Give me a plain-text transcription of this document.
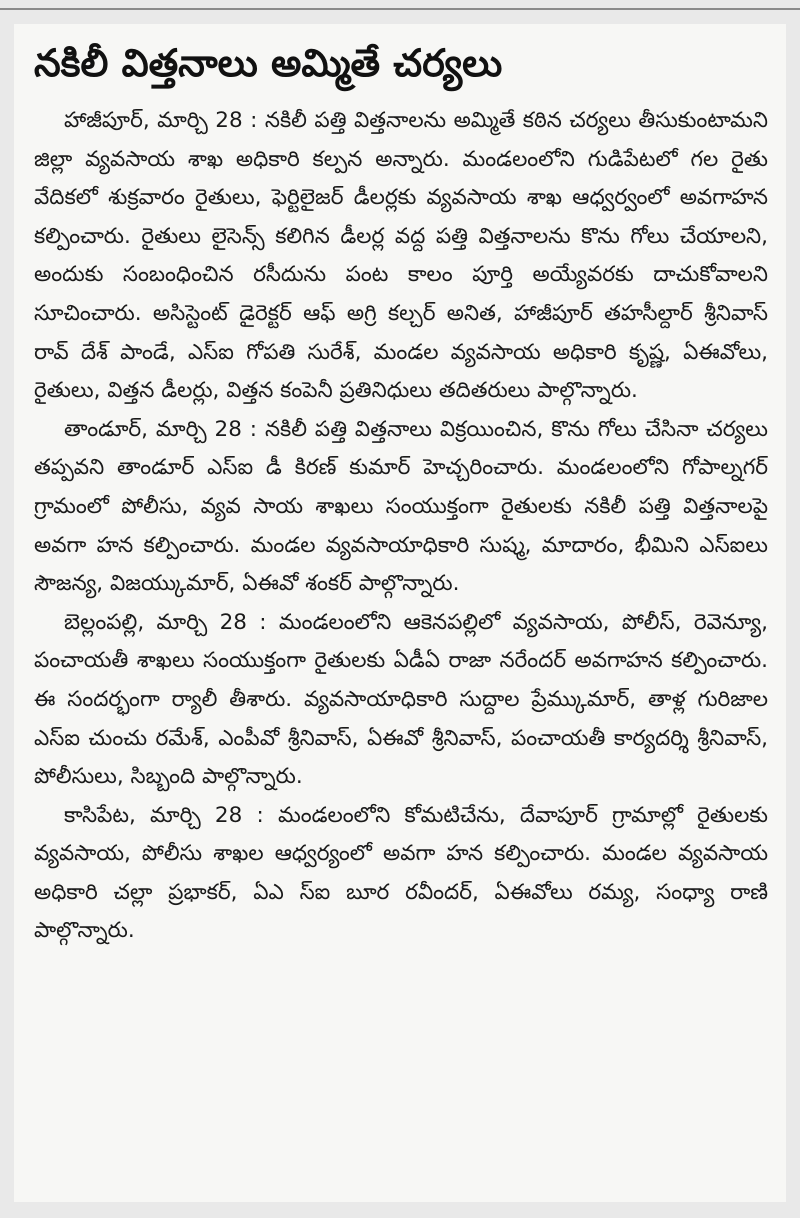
నకిలీ విత్తనాలు అమ్మితే చర్యలు

హాజీపూర్, మార్చి 28 : నకిలీ పత్తి విత్తనాలను అమ్మితే కఠిన చర్యలు తీసుకుంటామని జిల్లా వ్యవసాయ శాఖ అధికారి కల్పన అన్నారు. మండలంలోని గుడిపేటలో గల రైతు వేదికలో శుక్రవారం రైతులు, ఫెర్టిలైజర్ డీలర్లకు వ్యవసాయ శాఖ ఆధ్వర్వంలో అవగాహన కల్పించారు. రైతులు లైసెన్స్ కలిగిన డీలర్ల వద్ద పత్తి విత్తనాలను కొను గోలు చేయాలని, అందుకు సంబంధించిన రసీదును పంట కాలం పూర్తి అయ్యేవరకు దాచుకోవాలని సూచించారు. అసిస్టెంట్ డైరెక్టర్ ఆఫ్ అగ్రి కల్చర్ అనిత, హాజీపూర్ తహసీల్దార్ శ్రీనివాస్ రావ్ దేశ్ పాండే, ఎస్ఐ గోపతి సురేశ్, మండల వ్యవసాయ అధికారి కృష్ణ, ఏఈవోలు, రైతులు, విత్తన డీలర్లు, విత్తన కంపెనీ ప్రతినిధులు తదితరులు పాల్గొన్నారు.

తాండూర్, మార్చి 28 : నకిలీ పత్తి విత్తనాలు విక్రయించిన, కొను గోలు చేసినా చర్యలు తప్పవని తాండూర్ ఎస్ఐ డీ కిరణ్ కుమార్ హెచ్చరించారు. మండలంలోని గోపాల్నగర్ గ్రామంలో పోలీసు, వ్యవ సాయ శాఖలు సంయుక్తంగా రైతులకు నకిలీ పత్తి విత్తనాలపై అవగా హన కల్పించారు. మండల వ్యవసాయాధికారి సుష్మ, మాదారం, భీమిని ఎస్ఐలు సౌజన్య, విజయ్కుమార్, ఏఈవో శంకర్ పాల్గొన్నారు.

బెల్లంపల్లి, మార్చి 28 : మండలంలోని ఆకెనపల్లిలో వ్యవసాయ, పోలీస్, రెవెన్యూ, పంచాయతీ శాఖలు సంయుక్తంగా రైతులకు ఏడీఏ రాజా నరేందర్ అవగాహన కల్పించారు. ఈ సందర్భంగా ర్యాలీ తీశారు. వ్యవసాయాధికారి సుద్దాల ప్రేమ్కుమార్, తాళ్ల గురిజాల ఎస్ఐ చుంచు రమేశ్, ఎంపీవో శ్రీనివాస్, ఏఈవో శ్రీనివాస్, పంచాయతీ కార్యదర్శి శ్రీనివాస్, పోలీసులు, సిబ్బంది పాల్గొన్నారు.

కాసిపేట, మార్చి 28 : మండలంలోని కోమటిచేను, దేవాపూర్ గ్రామాల్లో రైతులకు వ్యవసాయ, పోలీసు శాఖల ఆధ్వర్యంలో అవగా హన కల్పించారు. మండల వ్యవసాయ అధికారి చల్లా ప్రభాకర్, ఏఎ స్ఐ బూర రవీందర్, ఏఈవోలు రమ్య, సంధ్యా రాణి పాల్గొన్నారు.
